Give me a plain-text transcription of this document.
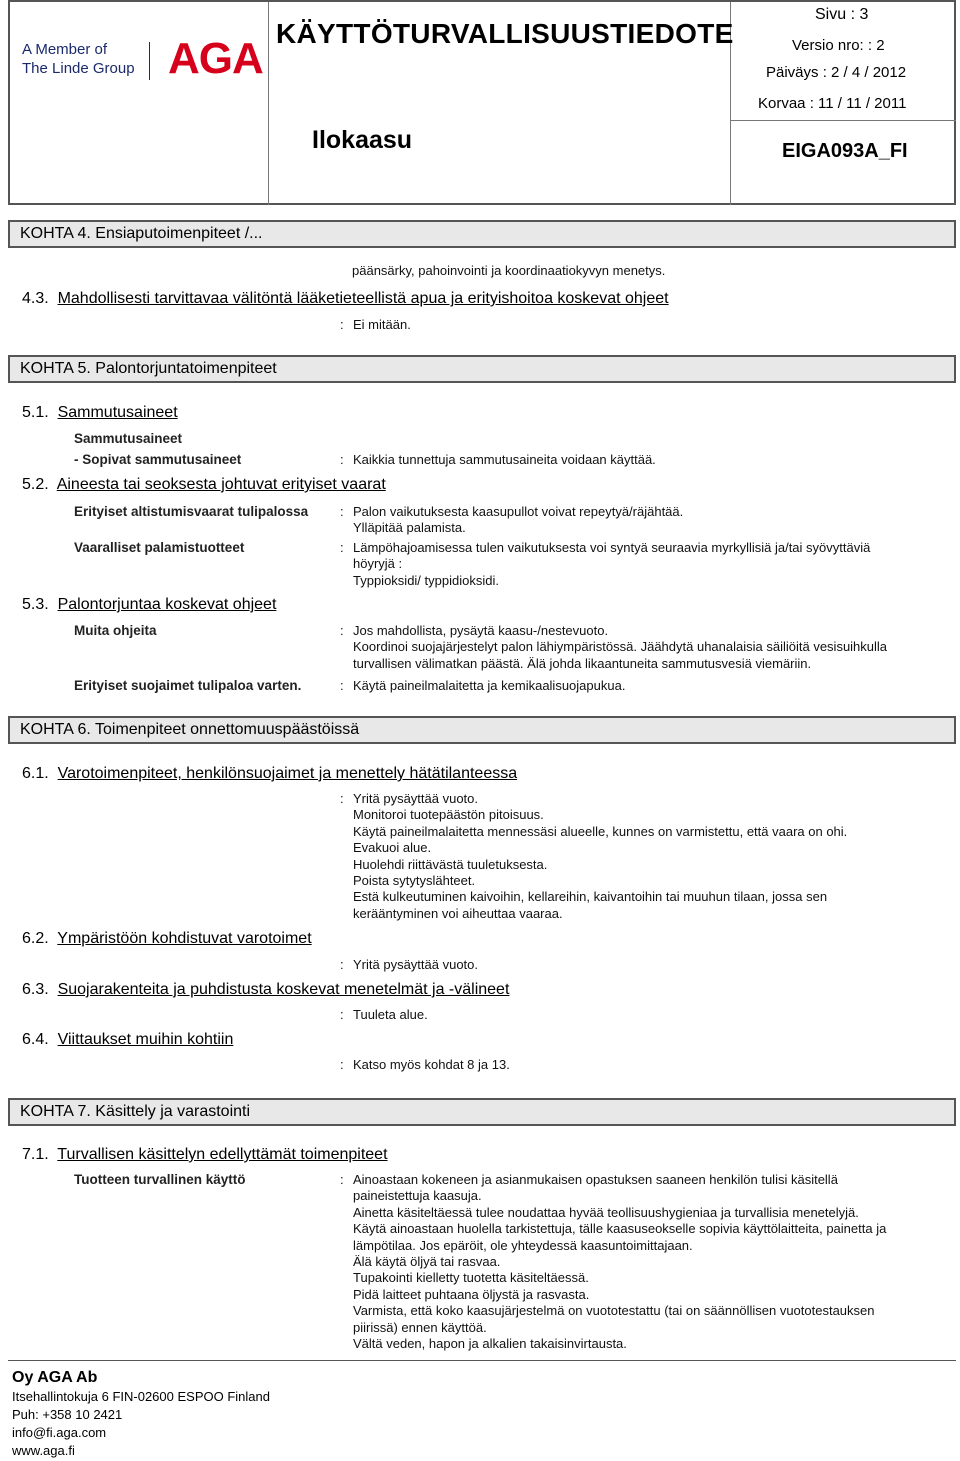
A Member of
The Linde Group AGA
KÄYTTÖTURVALLISUUSTIEDOTE
Ilokaasu
Sivu : 3
Versio nro: : 2
Päiväys : 2 / 4 / 2012
Korvaa : 11 / 11 / 2011
EIGA093A_FI
KOHTA 4. Ensiaputoimenpiteet /...
päänsärky, pahoinvointi ja koordinaatiokyvyn menetys.
4.3. Mahdollisesti tarvittavaa välitöntä lääketieteellistä apua ja erityishoitoa koskevat ohjeet
: Ei mitään.
KOHTA 5. Palontorjuntatoimenpiteet
5.1. Sammutusaineet
Sammutusaineet
- Sopivat sammutusaineet	: Kaikkia tunnettuja sammutusaineita voidaan käyttää.
5.2. Aineesta tai seoksesta johtuvat erityiset vaarat
Erityiset altistumisvaarat tulipalossa : Palon vaikutuksesta kaasupullot voivat repeytyä/räjähtää.
Ylläpitää palamista.
Vaaralliset palamistuotteet	: Lämpöhajoamisessa tulen vaikutuksesta voi syntyä seuraavia myrkyllisiä ja/tai syövyttäviä
höyryjä :
Typpioksidi/ typpidioksidi.
5.3. Palontorjuntaa koskevat ohjeet
Muita ohjeita	: Jos mahdollista, pysäytä kaasu-/nestevuoto.
Koordinoi suojajärjestelyt palon lähiympäristössä. Jäähdytä uhanalaisia säiliöitä vesisuihkulla
turvallisen välimatkan päästä. Älä johda likaantuneita sammutusvesiä viemäriin.
Erityiset suojaimet tulipaloa varten.	: Käytä paineilmalaitetta ja kemikaalisuojapukua.
KOHTA 6. Toimenpiteet onnettomuuspäästöissä
6.1. Varotoimenpiteet, henkilönsuojaimet ja menettely hätätilanteessa
: Yritä pysäyttää vuoto.
Monitoroi tuotepäästön pitoisuus.
Käytä paineilmalaitetta mennessäsi alueelle, kunnes on varmistettu, että vaara on ohi.
Evakuoi alue.
Huolehdi riittävästä tuuletuksesta.
Poista sytytyslähteet.
Estä kulkeutuminen kaivoihin, kellareihin, kaivantoihin tai muuhun tilaan, jossa sen
kerääntyminen voi aiheuttaa vaaraa.
6.2. Ympäristöön kohdistuvat varotoimet
: Yritä pysäyttää vuoto.
6.3. Suojarakenteita ja puhdistusta koskevat menetelmät ja -välineet
: Tuuleta alue.
6.4. Viittaukset muihin kohtiin
: Katso myös kohdat 8 ja 13.
KOHTA 7. Käsittely ja varastointi
7.1. Turvallisen käsittelyn edellyttämät toimenpiteet
Tuotteen turvallinen käyttö	: Ainoastaan kokeneen ja asianmukaisen opastuksen saaneen henkilön tulisi käsitellä
paineistettuja kaasuja.
Ainetta käsiteltäessä tulee noudattaa hyvää teollisuushygieniaa ja turvallisia menetelyjä.
Käytä ainoastaan huolella tarkistettuja, tälle kaasuseokselle sopivia käyttölaitteita, painetta ja
lämpötilaa. Jos epäröit, ole yhteydessä kaasuntoimittajaan.
Älä käytä öljyä tai rasvaa.
Tupakointi kielletty tuotetta käsiteltäessä.
Pidä laitteet puhtaana öljystä ja rasvasta.
Varmista, että koko kaasujärjestelmä on vuototestattu (tai on säännöllisen vuototestauksen
piirissä) ennen käyttöä.
Vältä veden, hapon ja alkalien takaisinvirtausta.
Oy AGA Ab
Itsehallintokuja 6 FIN-02600 ESPOO Finland
Puh: +358 10 2421
info@fi.aga.com
www.aga.fi
